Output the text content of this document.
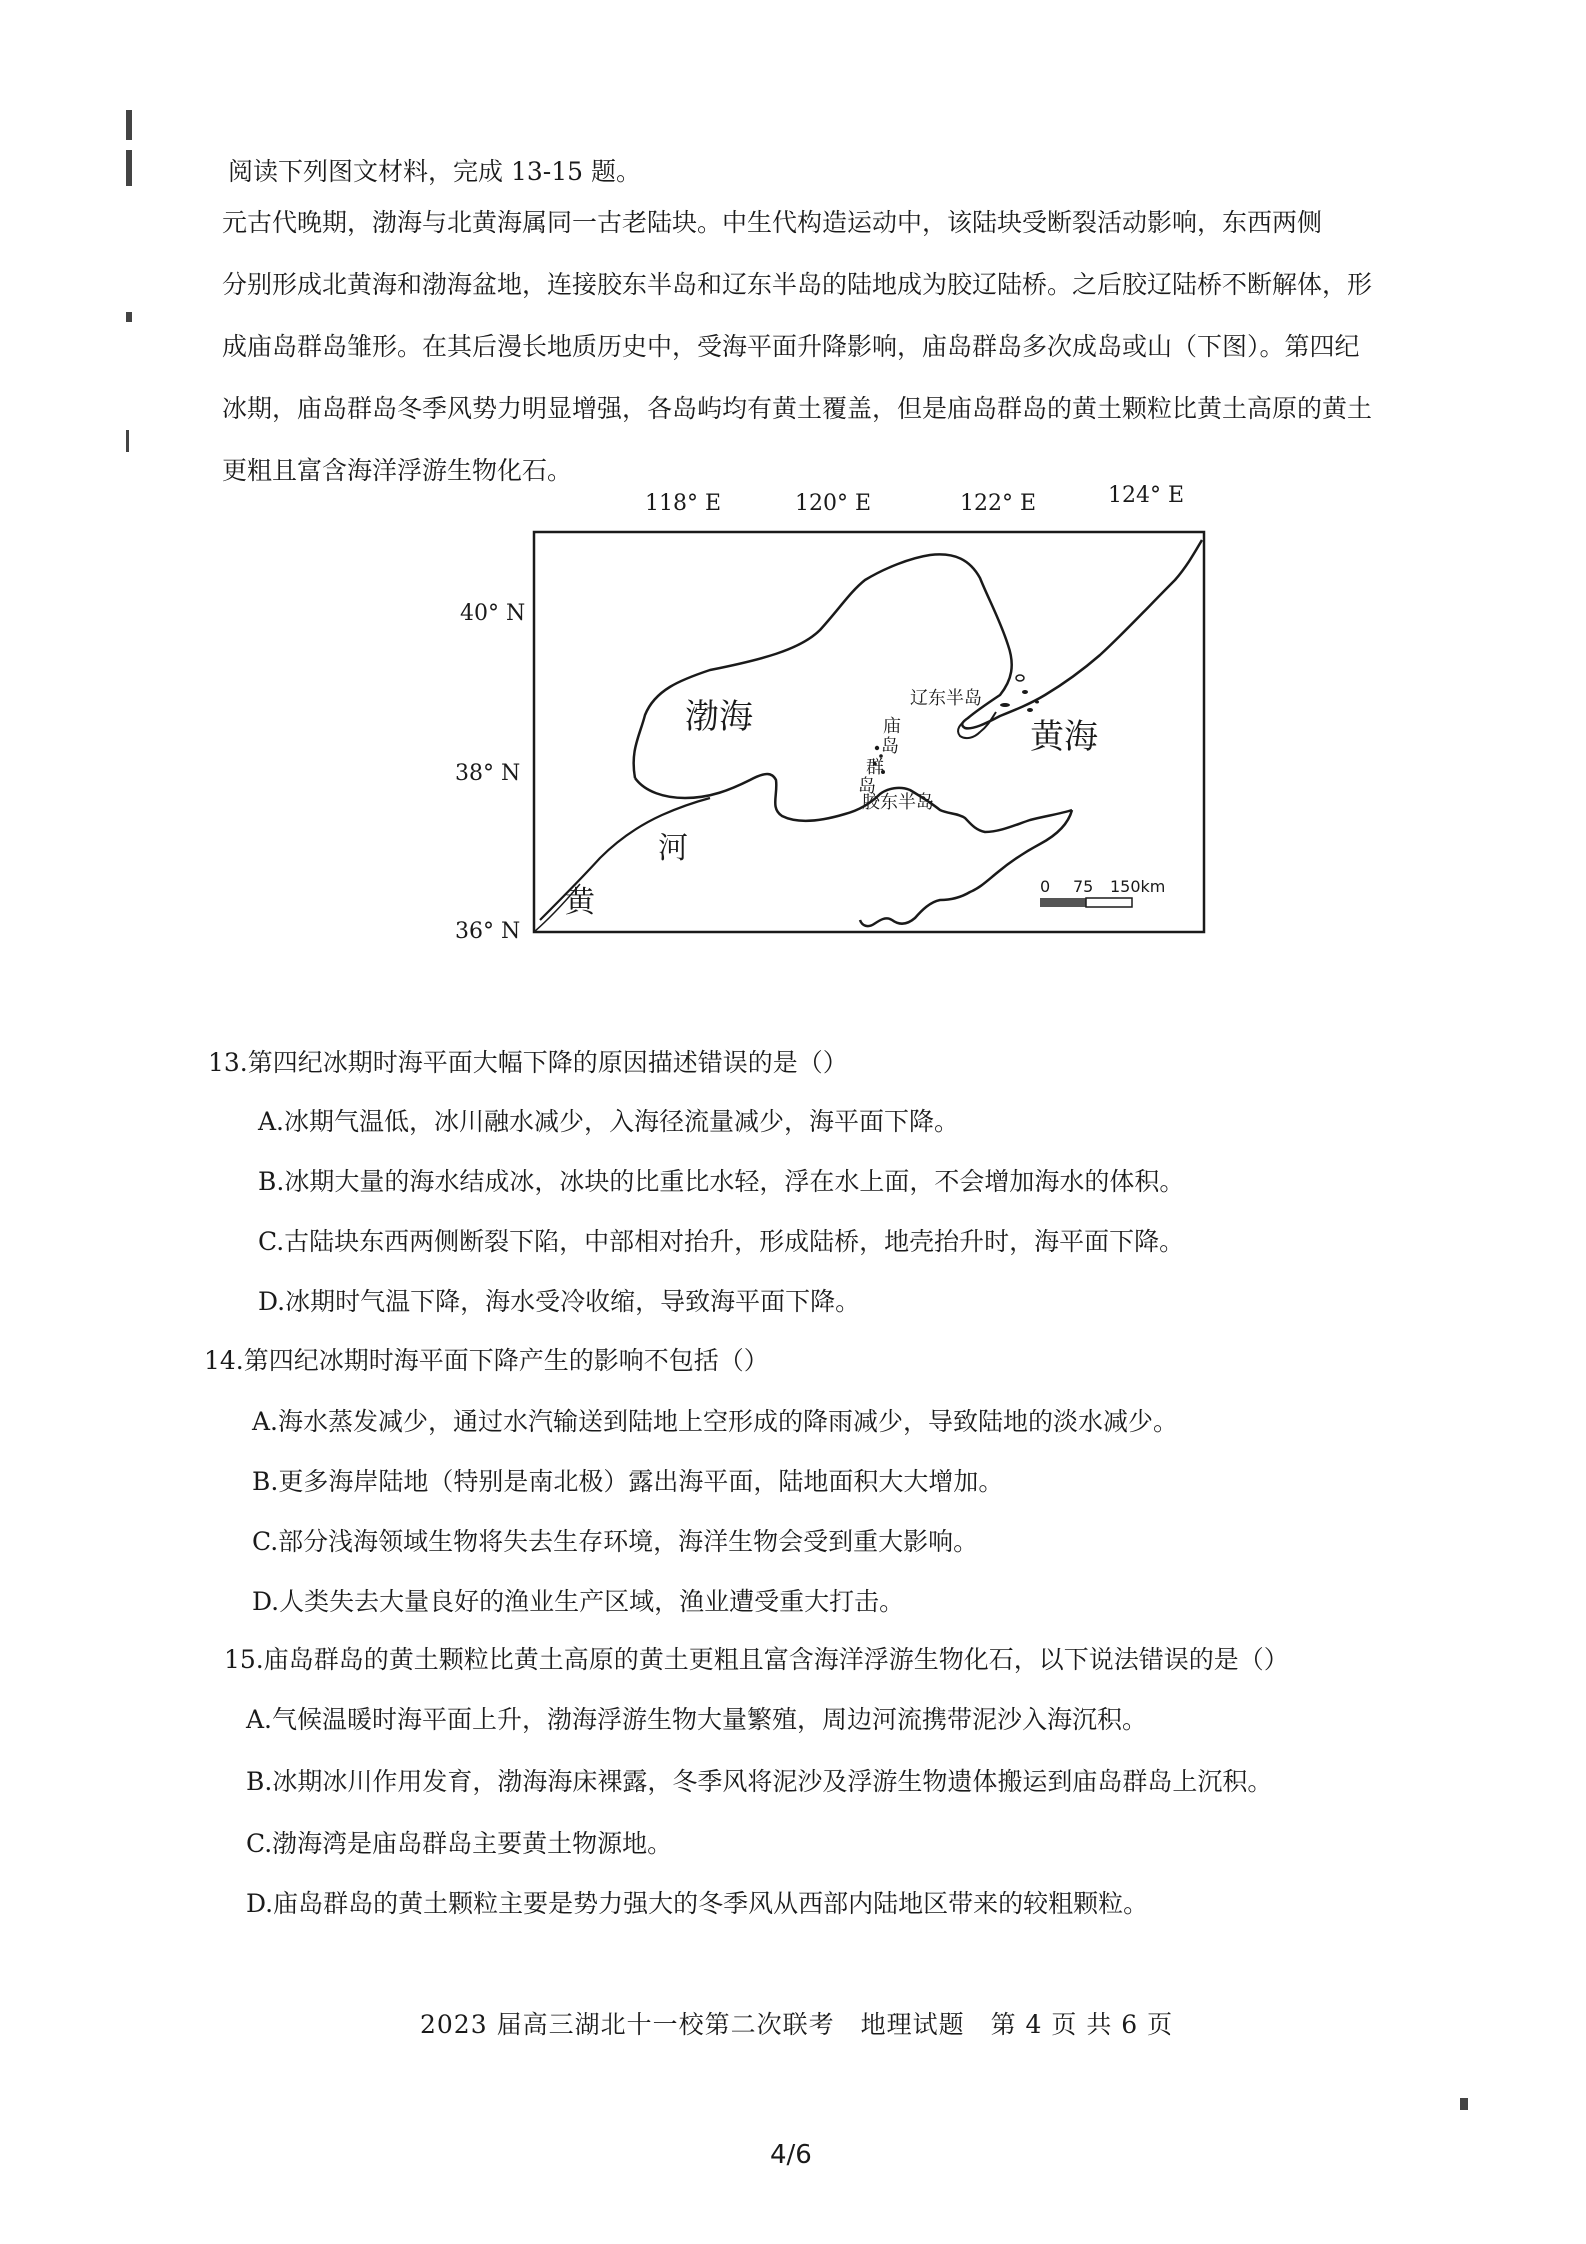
阅读下列图文材料，完成 13-15 题。
元古代晚期，渤海与北黄海属同一古老陆块。中生代构造运动中，该陆块受断裂活动影响，东西两侧
分别形成北黄海和渤海盆地，连接胶东半岛和辽东半岛的陆地成为胶辽陆桥。之后胶辽陆桥不断解体，形
成庙岛群岛雏形。在其后漫长地质历史中，受海平面升降影响，庙岛群岛多次成岛或山（下图）。第四纪
冰期，庙岛群岛冬季风势力明显增强，各岛屿均有黄土覆盖，但是庙岛群岛的黄土颗粒比黄土高原的黄土
更粗且富含海洋浮游生物化石。
118° E	120° E	122° E	124° E
40° N
38° N
36° N
渤海	黄海
辽东半岛
胶东半岛
庙
岛
群
岛
河
黄	0 75 150km
13.第四纪冰期时海平面大幅下降的原因描述错误的是（）
A.冰期气温低，冰川融水减少，入海径流量减少，海平面下降。
B.冰期大量的海水结成冰，冰块的比重比水轻，浮在水上面，不会增加海水的体积。
C.古陆块东西两侧断裂下陷，中部相对抬升，形成陆桥，地壳抬升时，海平面下降。
D.冰期时气温下降，海水受冷收缩，导致海平面下降。
14.第四纪冰期时海平面下降产生的影响不包括（）
A.海水蒸发减少，通过水汽输送到陆地上空形成的降雨减少，导致陆地的淡水减少。
B.更多海岸陆地（特别是南北极）露出海平面，陆地面积大大增加。
C.部分浅海领域生物将失去生存环境，海洋生物会受到重大影响。
D.人类失去大量良好的渔业生产区域，渔业遭受重大打击。
15.庙岛群岛的黄土颗粒比黄土高原的黄土更粗且富含海洋浮游生物化石，以下说法错误的是（）
A.气候温暖时海平面上升，渤海浮游生物大量繁殖，周边河流携带泥沙入海沉积。
B.冰期冰川作用发育，渤海海床裸露，冬季风将泥沙及浮游生物遗体搬运到庙岛群岛上沉积。
C.渤海湾是庙岛群岛主要黄土物源地。
D.庙岛群岛的黄土颗粒主要是势力强大的冬季风从西部内陆地区带来的较粗颗粒。
2023 届高三湖北十一校第二次联考　地理试题　第 4 页 共 6 页
4/6
